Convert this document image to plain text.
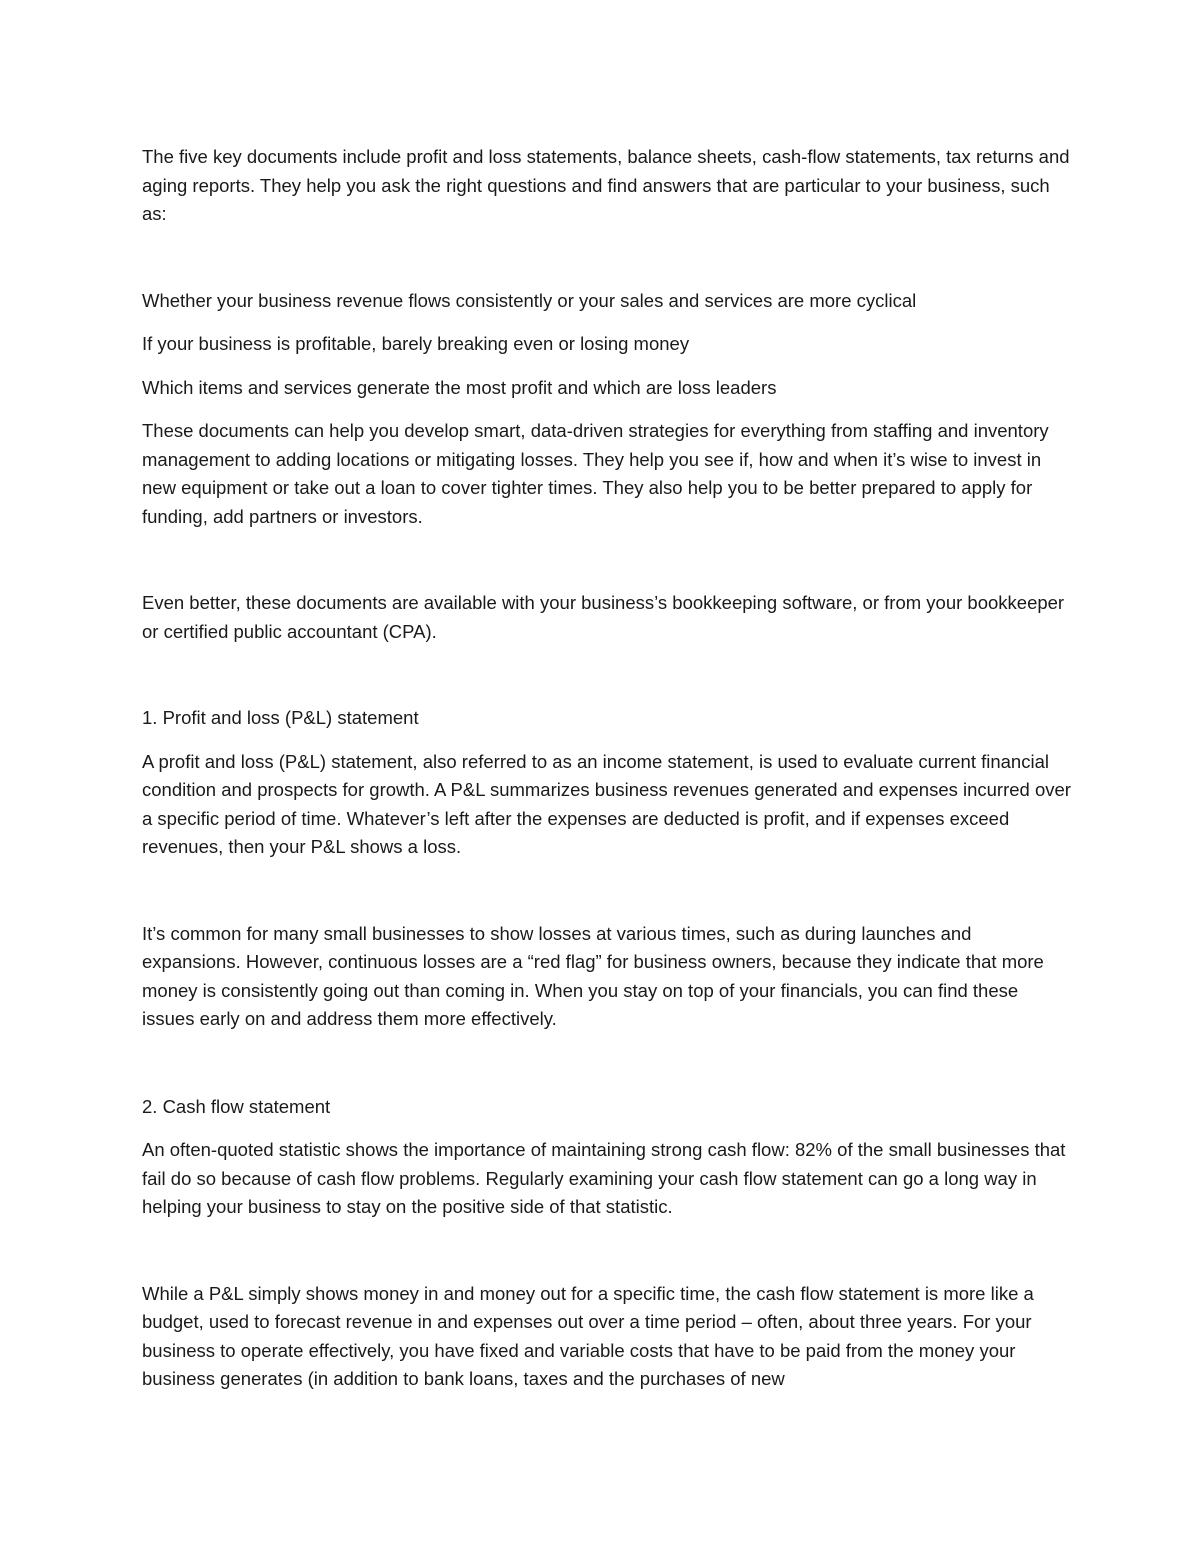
The five key documents include profit and loss statements, balance sheets, cash-flow statements, tax returns and aging reports. They help you ask the right questions and find answers that are particular to your business, such as:

Whether your business revenue flows consistently or your sales and services are more cyclical

If your business is profitable, barely breaking even or losing money

Which items and services generate the most profit and which are loss leaders

These documents can help you develop smart, data-driven strategies for everything from staffing and inventory management to adding locations or mitigating losses. They help you see if, how and when it’s wise to invest in new equipment or take out a loan to cover tighter times. They also help you to be better prepared to apply for funding, add partners or investors.

Even better, these documents are available with your business’s bookkeeping software, or from your bookkeeper or certified public accountant (CPA).

1. Profit and loss (P&L) statement

A profit and loss (P&L) statement, also referred to as an income statement, is used to evaluate current financial condition and prospects for growth. A P&L summarizes business revenues generated and expenses incurred over a specific period of time. Whatever’s left after the expenses are deducted is profit, and if expenses exceed revenues, then your P&L shows a loss.

It’s common for many small businesses to show losses at various times, such as during launches and expansions. However, continuous losses are a “red flag” for business owners, because they indicate that more money is consistently going out than coming in. When you stay on top of your financials, you can find these issues early on and address them more effectively.

2. Cash flow statement

An often-quoted statistic shows the importance of maintaining strong cash flow: 82% of the small businesses that fail do so because of cash flow problems. Regularly examining your cash flow statement can go a long way in helping your business to stay on the positive side of that statistic.

While a P&L simply shows money in and money out for a specific time, the cash flow statement is more like a budget, used to forecast revenue in and expenses out over a time period – often, about three years. For your business to operate effectively, you have fixed and variable costs that have to be paid from the money your business generates (in addition to bank loans, taxes and the purchases of new
